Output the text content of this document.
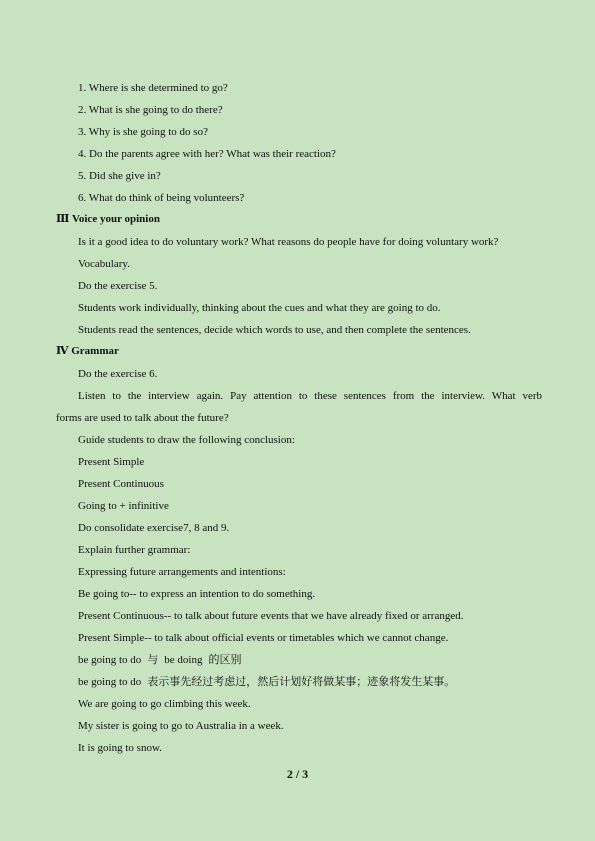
1. Where is she determined to go?
2. What is she going to do there?
3. Why is she going to do so?
4. Do the parents agree with her? What was their reaction?
5. Did she give in?
6. What do think of being volunteers?
Ⅲ Voice your opinion
Is it a good idea to do voluntary work? What reasons do people have for doing voluntary work?
Vocabulary.
Do the exercise 5.
Students work individually, thinking about the cues and what they are going to do.
Students read the sentences, decide which words to use, and then complete the sentences.
Ⅳ Grammar
Do the exercise 6.
Listen to the interview again. Pay attention to these sentences from the interview. What verb
forms are used to talk about the future?
Guide students to draw the following conclusion:
Present Simple
Present Continuous
Going to + infinitive
Do consolidate exercise7, 8 and 9.
Explain further grammar:
Expressing future arrangements and intentions:
Be going to-- to express an intention to do something.
Present Continuous-- to talk about future events that we have already fixed or arranged.
Present Simple-- to talk about official events or timetables which we cannot change.
be going to do 与 be doing 的区别
be going to do 表示事先经过考虑过，然后计划好将做某事；迹象将发生某事。
We are going to go climbing this week.
My sister is going to go to Australia in a week.
It is going to snow.
2 / 3
